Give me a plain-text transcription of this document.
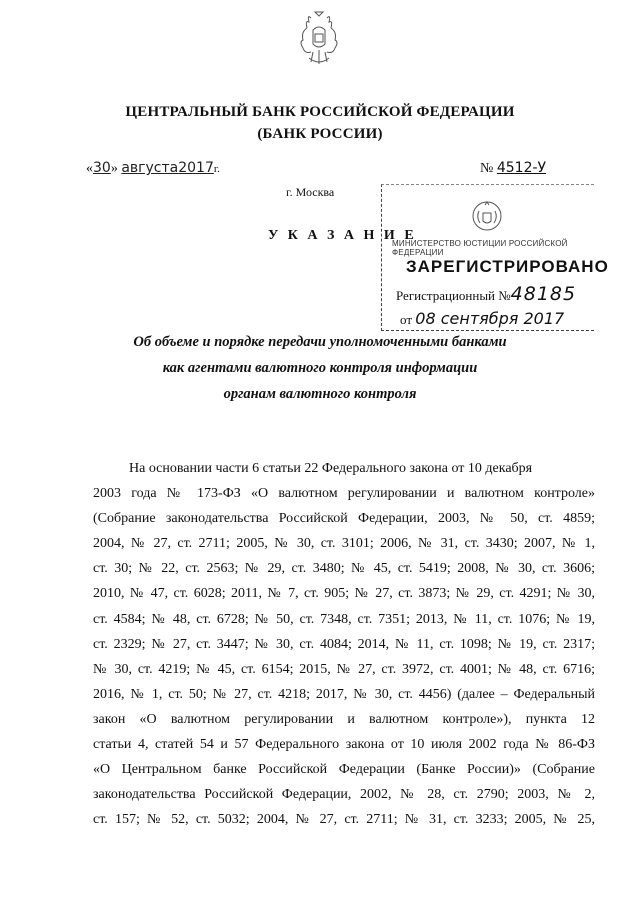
ЦЕНТРАЛЬНЫЙ БАНК РОССИЙСКОЙ ФЕДЕРАЦИИ
(БАНК РОССИИ)
«30» августа2017г.	№ 4512-У
г. Москва
У К А З А Н И Е
МИНИСТЕРСТВО ЮСТИЦИИ РОССИЙСКОЙ ФЕДЕРАЦИИ
ЗАРЕГИСТРИРОВАНО
Регистрационный №48185
от 08 сентября 2017
Об объеме и порядке передачи уполномоченными банками
как агентами валютного контроля информации
органам валютного контроля
На основании части 6 статьи 22 Федерального закона от 10 декабря
2003 года № 173-ФЗ «О валютном регулировании и валютном контроле»
(Собрание законодательства Российской Федерации, 2003, № 50, ст. 4859;
2004, № 27, ст. 2711; 2005, № 30, ст. 3101; 2006, № 31, ст. 3430; 2007, № 1,
ст. 30; № 22, ст. 2563; № 29, ст. 3480; № 45, ст. 5419; 2008, № 30, ст. 3606;
2010, № 47, ст. 6028; 2011, № 7, ст. 905; № 27, ст. 3873; № 29, ст. 4291; № 30,
ст. 4584; № 48, ст. 6728; № 50, ст. 7348, ст. 7351; 2013, № 11, ст. 1076; № 19,
ст. 2329; № 27, ст. 3447; № 30, ст. 4084; 2014, № 11, ст. 1098; № 19, ст. 2317;
№ 30, ст. 4219; № 45, ст. 6154; 2015, № 27, ст. 3972, ст. 4001; № 48, ст. 6716;
2016, № 1, ст. 50; № 27, ст. 4218; 2017, № 30, ст. 4456) (далее – Федеральный
закон «О валютном регулировании и валютном контроле»), пункта 12
статьи 4, статей 54 и 57 Федерального закона от 10 июля 2002 года № 86-ФЗ
«О Центральном банке Российской Федерации (Банке России)» (Собрание
законодательства Российской Федерации, 2002, № 28, ст. 2790; 2003, № 2,
ст. 157; № 52, ст. 5032; 2004, № 27, ст. 2711; № 31, ст. 3233; 2005, № 25,
